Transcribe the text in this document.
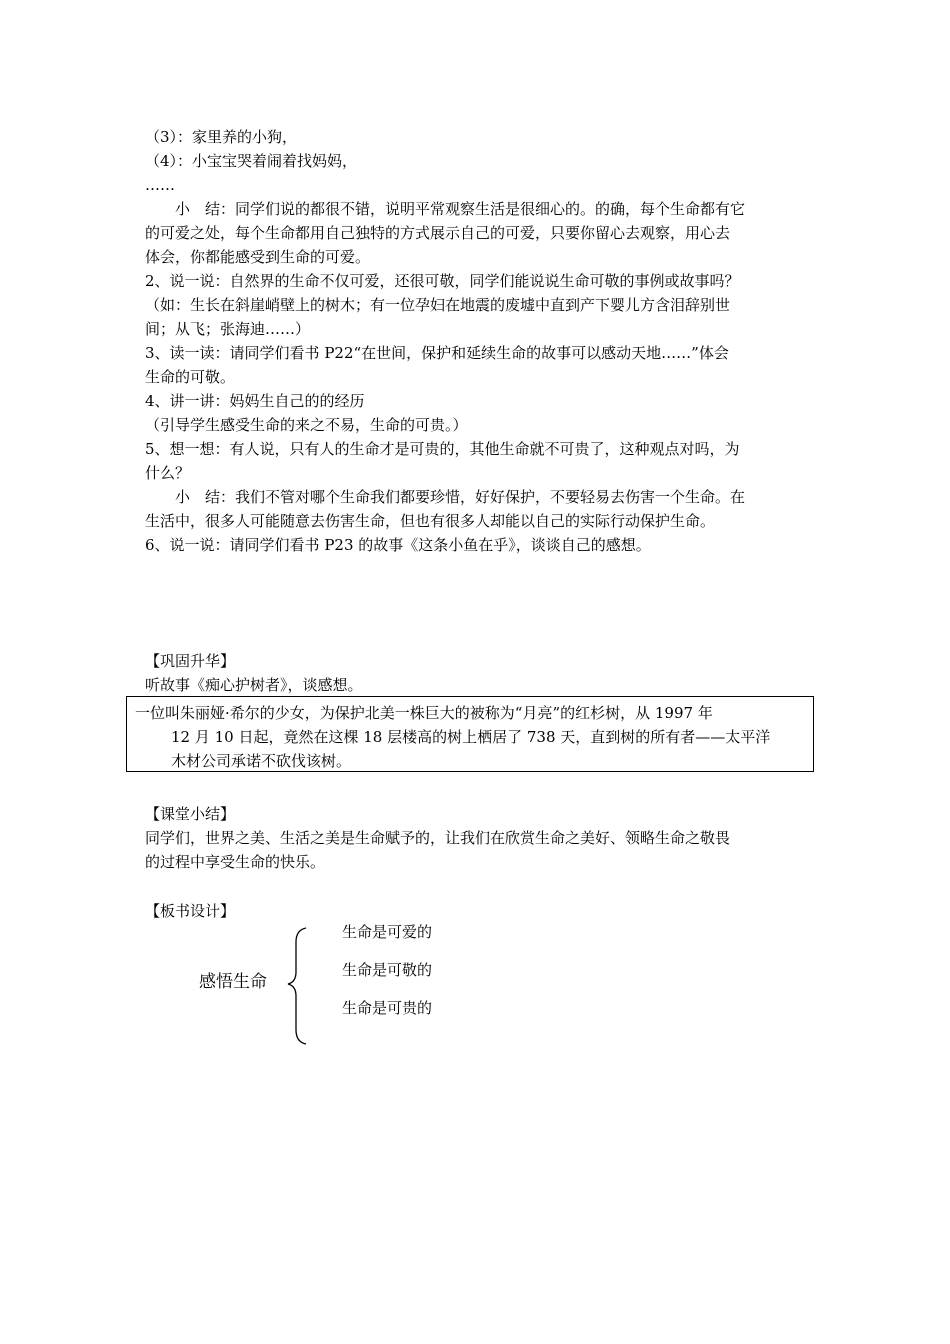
（3）：家里养的小狗，

（4）：小宝宝哭着闹着找妈妈，

……

小　结：同学们说的都很不错，说明平常观察生活是很细心的。的确，每个生命都有它

的可爱之处，每个生命都用自己独特的方式展示自己的可爱，只要你留心去观察，用心去

体会，你都能感受到生命的可爱。

2、说一说：自然界的生命不仅可爱，还很可敬，同学们能说说生命可敬的事例或故事吗？

（如：生长在斜崖峭壁上的树木；有一位孕妇在地震的废墟中直到产下婴儿方含泪辞别世

间；从飞；张海迪……）

3、读一读：请同学们看书 P22“在世间，保护和延续生命的故事可以感动天地……”体会

生命的可敬。

4、讲一讲：妈妈生自己的的经历

（引导学生感受生命的来之不易，生命的可贵。）

5、想一想：有人说，只有人的生命才是可贵的，其他生命就不可贵了，这种观点对吗，为

什么？

小　结：我们不管对哪个生命我们都要珍惜，好好保护，不要轻易去伤害一个生命。在

生活中，很多人可能随意去伤害生命，但也有很多人却能以自己的实际行动保护生命。

6、说一说：请同学们看书 P23 的故事《这条小鱼在乎》，谈谈自己的感想。

【巩固升华】

听故事《痴心护树者》，谈感想。

一位叫朱丽娅·希尔的少女，为保护北美一株巨大的被称为“月亮”的红杉树，从 1997 年

12 月 10 日起，竟然在这棵 18 层楼高的树上栖居了 738 天，直到树的所有者——太平洋

木材公司承诺不砍伐该树。

【课堂小结】

同学们，世界之美、生活之美是生命赋予的，让我们在欣赏生命之美好、领略生命之敬畏

的过程中享受生命的快乐。

【板书设计】

感悟生命

生命是可爱的

生命是可敬的

生命是可贵的
